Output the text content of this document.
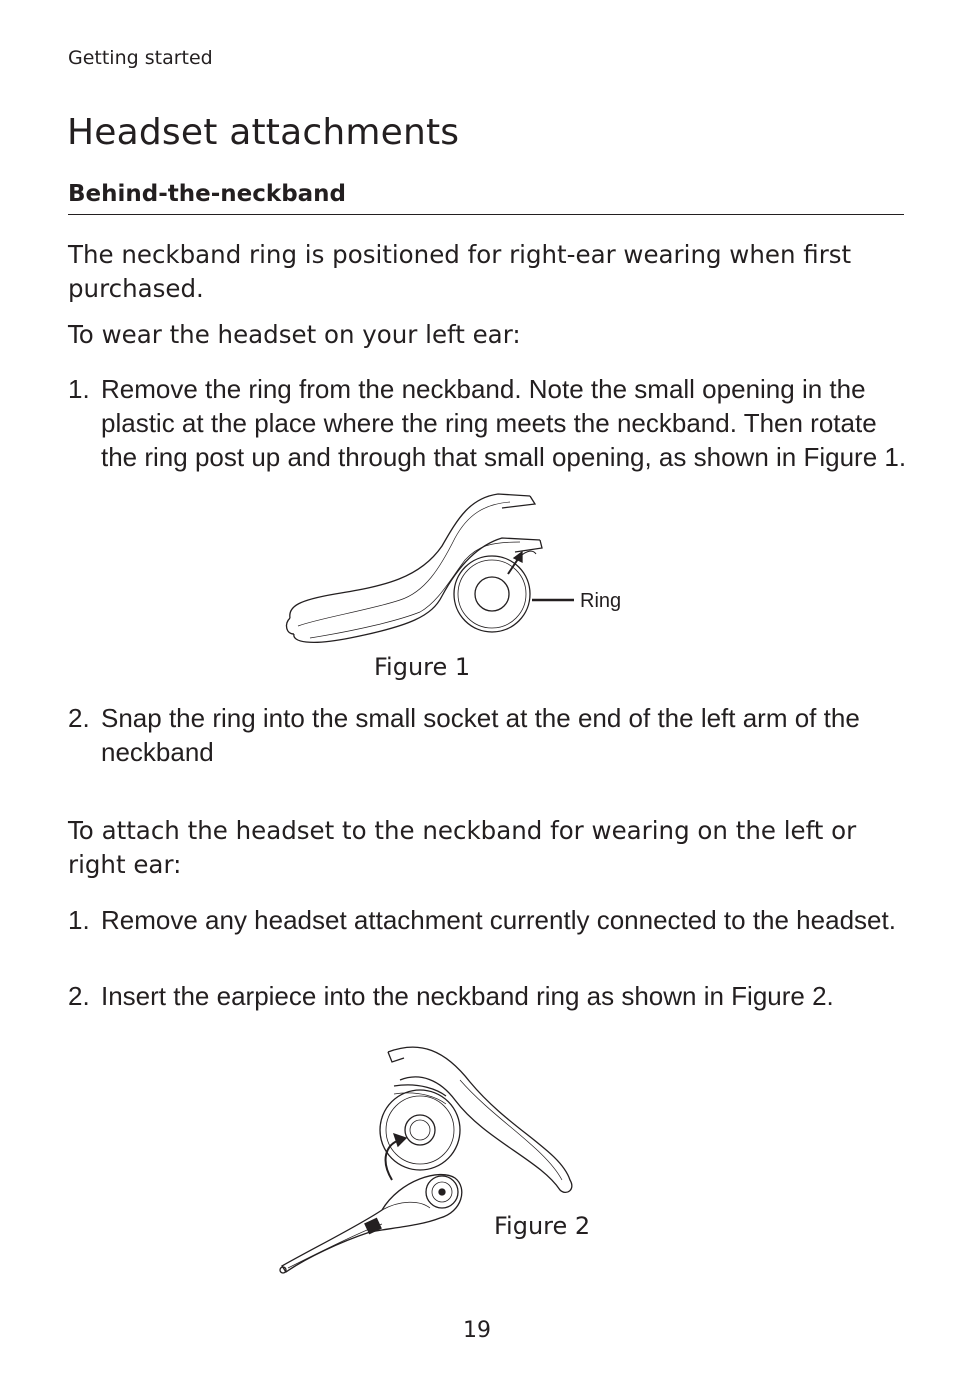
Getting started
Headset attachments
Behind-the-neckband
The neckband ring is positioned for right-ear wearing when first purchased.
To wear the headset on your left ear:
1. Remove the ring from the neckband. Note the small opening in the plastic at the place where the ring meets the neckband. Then rotate the ring post up and through that small opening, as shown in Figure 1.
Ring
Figure 1
2. Snap the ring into the small socket at the end of the left arm of the neckband
To attach the headset to the neckband for wearing on the left or right ear:
1. Remove any headset attachment currently connected to the headset.
2. Insert the earpiece into the neckband ring as shown in Figure 2.
Figure 2
19
